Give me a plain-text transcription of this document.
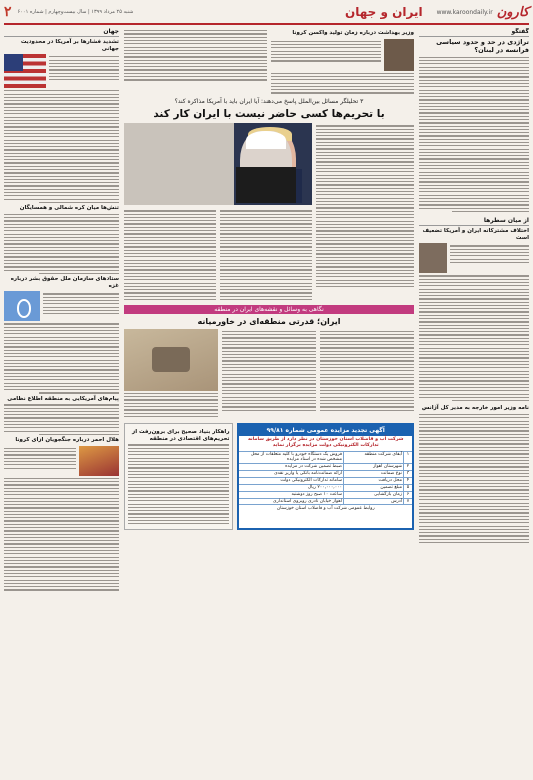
۲ شنبه ۲۵ مرداد ۱۳۹۹ | سال بیست‌وچهارم | شماره ۶۰۰۱	ایران و جهان www.karoondaily.ir کارون
گفتگو
تراژدی در حد و حدود سیاسی فرانسه در لبنان؟
از میان سطرها
اختلاف مشترکانه ایران و آمریکا تضعیف است
نامه وزیر امور خارجه به مدیر کل آژانس
جهان
تشدید فشارها بر آمریکا در محدودیت جهانی
تنش‌ها میان کره شمالی و همسایگان
ستادهای سازمان ملل حقوق بشر درباره غزه
پیام‌های آمریکایی به منطقه اطلاع نظامی
هلال احمر درباره جنگجویان ازای کرونا
وزیر بهداشت درباره زمان تولید واکسن کرونا
۳ تحلیلگر مسائل بین‌الملل پاسخ می‌دهند: آیا ایران باید با آمریکا مذاکره کند؟
با تحریم‌ها کسی حاضر نیست با ایران کار کند
نگاهی به وسائل و نقشه‌های ایران در منطقه
ایران؛ قدرتی منطقه‌ای در خاورمیانه
آگهی تجدید مزایده عمومی شماره ۹۹/۸۱
شرکت آب و فاضلاب استان خوزستان در نظر دارد از طریق سامانه تدارکات الکترونیکی دولت مزایده برگزار نماید
۱
آبفای شرکت منطقه
فروش یک دستگاه خودرو با کلیه متعلقات از محل مشخص شده در اسناد مزایده
۲
شهرستان اهواز
ضبط تضمین شرکت در مزایده
۳
نوع ضمانت
ارائه ضمانت‌نامه بانکی یا واریز نقدی
۴
محل دریافت
سامانه تدارکات الکترونیکی دولت
۵
مبلغ تضمین
۲۰۰,۰۰۰,۰۰۰ ریال
۶
زمان بازگشایی
ساعت ۱۰ صبح روز دوشنبه
۷
آدرس
اهواز خیابان نادری روبروی استانداری
روابط عمومی شرکت آب و فاضلاب استان خوزستان
راهکار بنیاد صحیح برای برون‌رفت از تحریم‌های اقتصادی در منطقه
